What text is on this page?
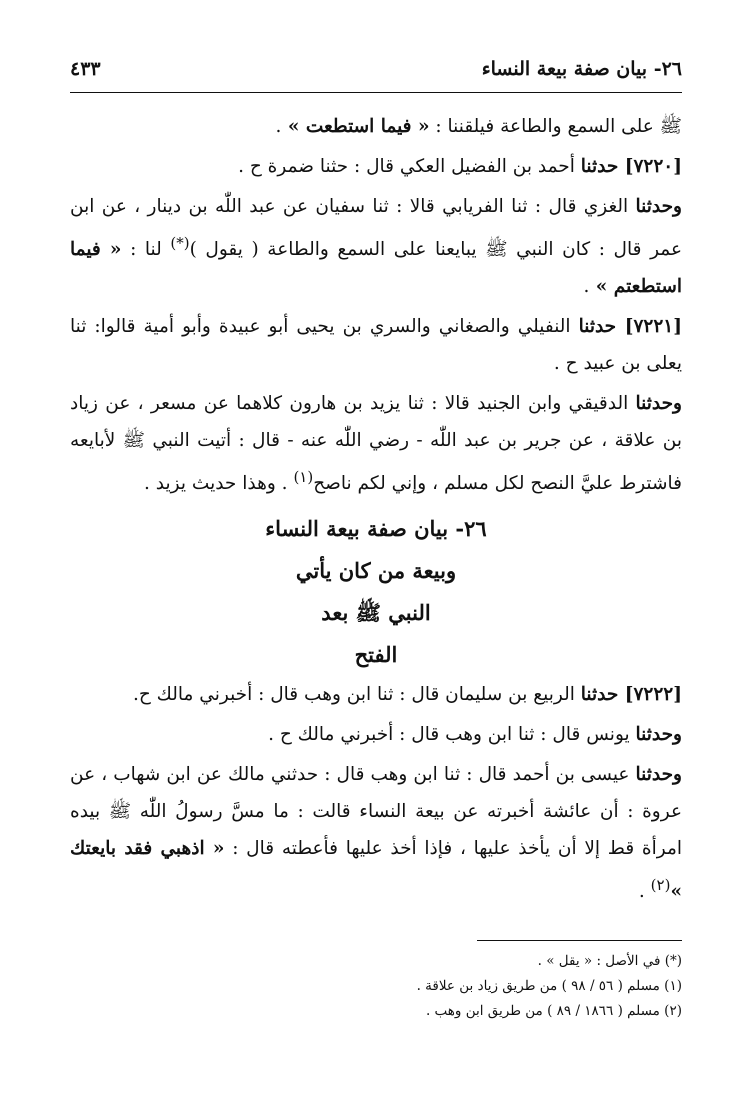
٢٦- بيان صفة بيعة النساء
٤٣٣

ﷺ على السمع والطاعة فيلقننا : « فيما استطعت » .

[٧٢٢٠] حدثنا أحمد بن الفضيل العكي قال : حثنا ضمرة ح .

وحدثنا الغزي قال : ثنا الفريابي قالا : ثنا سفيان عن عبد اللّٰه بن دينار ، عن ابن عمر قال : كان النبي ﷺ يبايعنا على السمع والطاعة ( يقول )(*) لنا : « فيما استطعتم » .

[٧٢٢١] حدثنا النفيلي والصغاني والسري بن يحيى أبو عبيدة وأبو أمية قالوا: ثنا يعلى بن عبيد ح .

وحدثنا الدقيقي وابن الجنيد قالا : ثنا يزيد بن هارون كلاهما عن مسعر ، عن زياد بن علاقة ، عن جرير بن عبد اللّٰه - رضي اللّٰه عنه - قال : أتيت النبي ﷺ لأبايعه فاشترط عليَّ النصح لكل مسلم ، وإني لكم ناصح$^{(١)}$ . وهذا حديث يزيد .

٢٦- بيان صفة بيعة النساء

وبيعة من كان يأتي

النبي ﷺ بعد

الفتح

[٧٢٢٢] حدثنا الربيع بن سليمان قال : ثنا ابن وهب قال : أخبرني مالك ح.

وحدثنا يونس قال : ثنا ابن وهب قال : أخبرني مالك ح .

وحدثنا عيسى بن أحمد قال : ثنا ابن وهب قال : حدثني مالك عن ابن شهاب ، عن عروة : أن عائشة أخبرته عن بيعة النساء قالت : ما مسَّ رسولُ اللّٰه ﷺ بيده امرأة قط إلا أن يأخذ عليها ، فإذا أخذ عليها فأعطته قال : « اذهبي فقد بايعتك »$^{(٢)}$ .

(*) في الأصل : « يقل » .

(١) مسلم ( ٥٦ / ٩٨ ) من طريق زياد بن علاقة .

(٢) مسلم ( ١٨٦٦ / ٨٩ ) من طريق ابن وهب .
